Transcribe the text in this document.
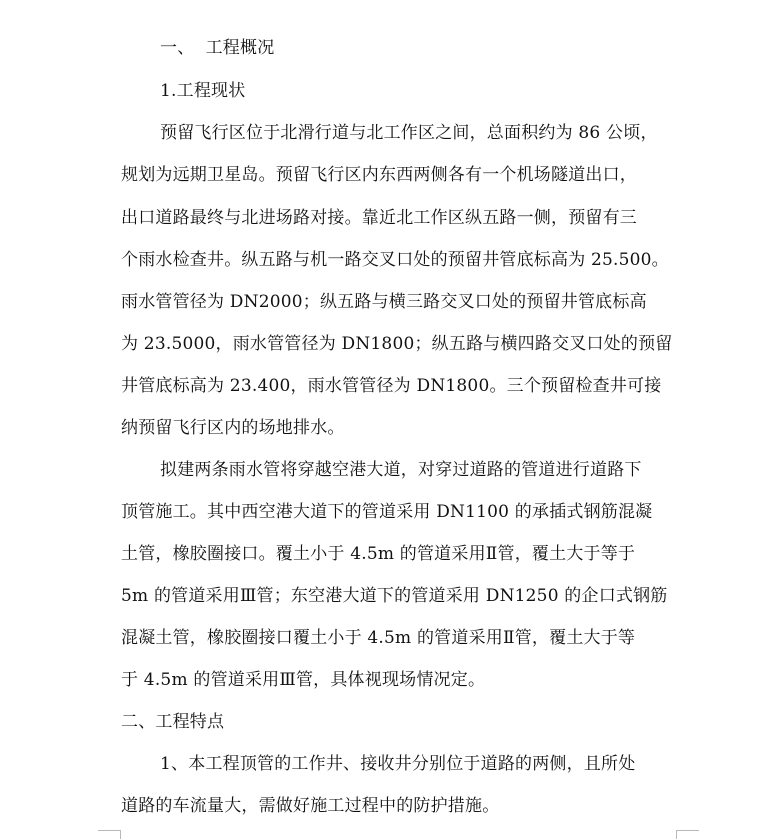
一、  工程概况
1.工程现状
预留飞行区位于北滑行道与北工作区之间，总面积约为 86 公顷，
规划为远期卫星岛。预留飞行区内东西两侧各有一个机场隧道出口，
出口道路最终与北进场路对接。靠近北工作区纵五路一侧，预留有三
个雨水检查井。纵五路与机一路交叉口处的预留井管底标高为 25.500。
雨水管管径为 DN2000；纵五路与横三路交叉口处的预留井管底标高
为 23.5000，雨水管管径为 DN1800；纵五路与横四路交叉口处的预留
井管底标高为 23.400，雨水管管径为 DN1800。三个预留检查井可接
纳预留飞行区内的场地排水。
拟建两条雨水管将穿越空港大道，对穿过道路的管道进行道路下
顶管施工。其中西空港大道下的管道采用 DN1100 的承插式钢筋混凝
土管，橡胶圈接口。覆土小于 4.5m 的管道采用Ⅱ管，覆土大于等于
5m 的管道采用Ⅲ管；东空港大道下的管道采用 DN1250 的企口式钢筋
混凝土管，橡胶圈接口覆土小于 4.5m 的管道采用Ⅱ管，覆土大于等
于 4.5m 的管道采用Ⅲ管，具体视现场情况定。
二、工程特点
1、本工程顶管的工作井、接收井分别位于道路的两侧，且所处
道路的车流量大，需做好施工过程中的防护措施。
